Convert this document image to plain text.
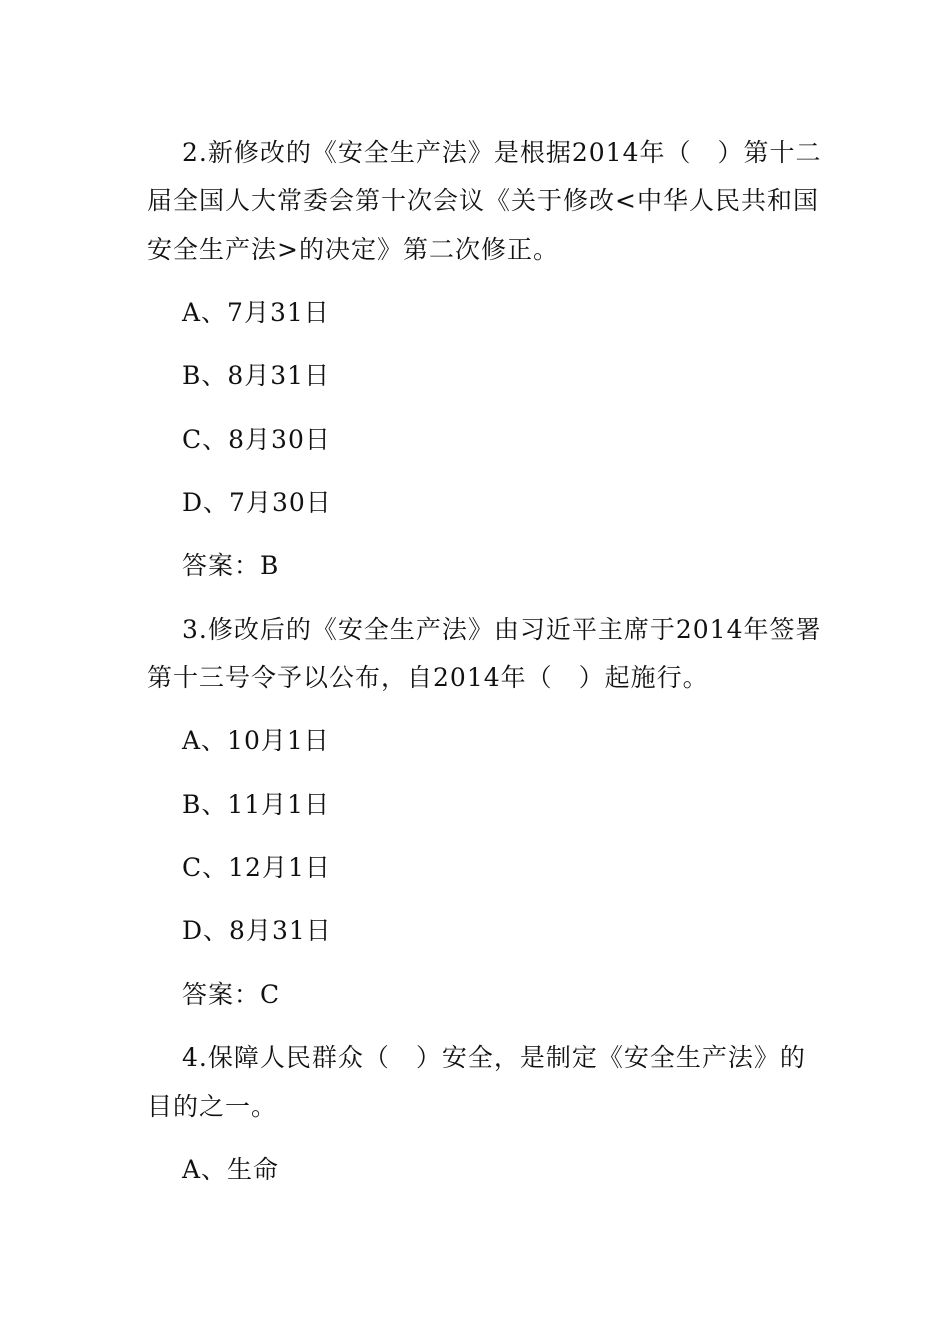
2.新修改的《安全生产法》是根据2014年（　）第十二
届全国人大常委会第十次会议《关于修改<中华人民共和国
安全生产法>的决定》第二次修正。
A、7月31日
B、8月31日
C、8月30日
D、7月30日
答案：B
3.修改后的《安全生产法》由习近平主席于2014年签署
第十三号令予以公布，自2014年（　）起施行。
A、10月1日
B、11月1日
C、12月1日
D、8月31日
答案：C
4.保障人民群众（　）安全，是制定《安全生产法》的
目的之一。
A、生命
